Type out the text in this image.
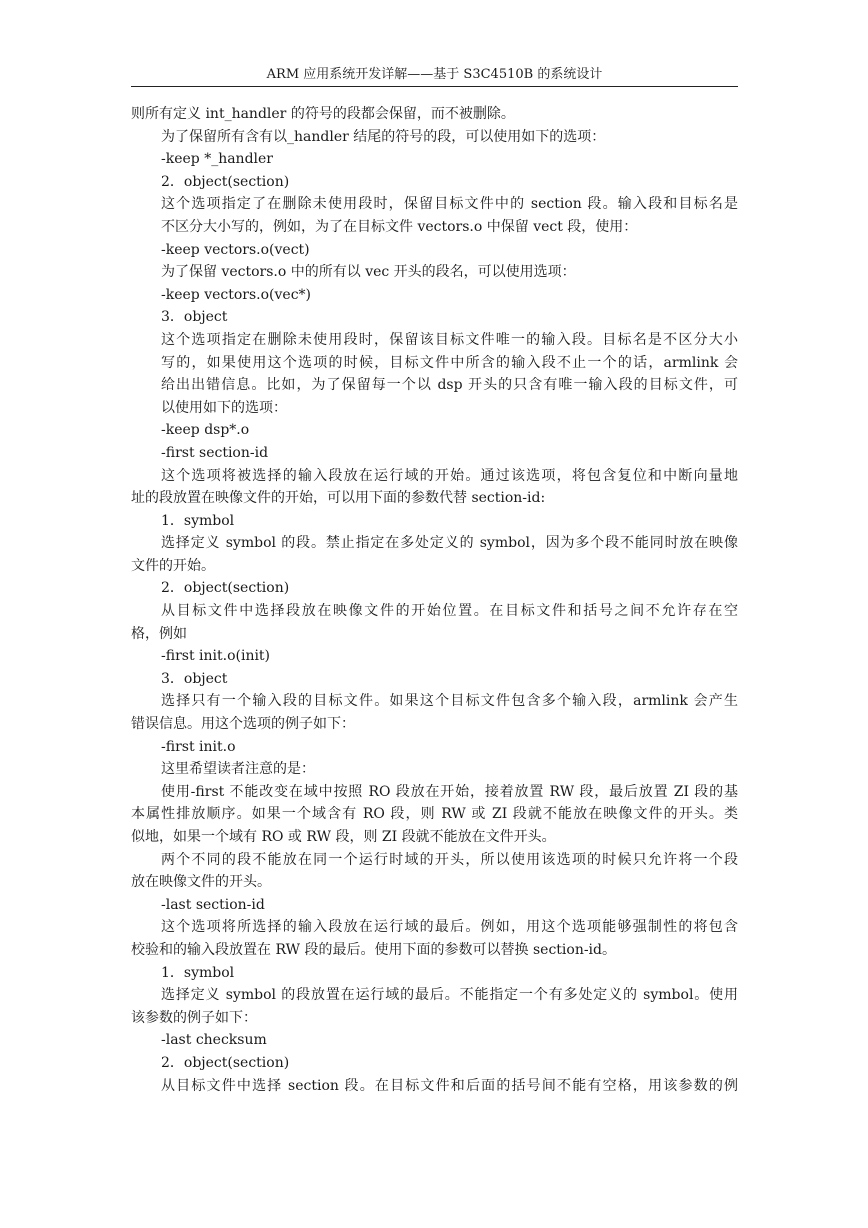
ARM 应用系统开发详解——基于 S3C4510B 的系统设计
则所有定义 int_handler 的符号的段都会保留，而不被删除。
为了保留所有含有以_handler 结尾的符号的段，可以使用如下的选项：
-keep *_handler
2．object(section)
这个选项指定了在删除未使用段时，保留目标文件中的 section 段。输入段和目标名是
不区分大小写的，例如，为了在目标文件 vectors.o 中保留 vect 段，使用：
-keep vectors.o(vect)
为了保留 vectors.o 中的所有以 vec 开头的段名，可以使用选项：
-keep vectors.o(vec*)
3．object
这个选项指定在删除未使用段时，保留该目标文件唯一的输入段。目标名是不区分大小
写的，如果使用这个选项的时候，目标文件中所含的输入段不止一个的话，armlink 会
给出出错信息。比如，为了保留每一个以 dsp 开头的只含有唯一输入段的目标文件，可
以使用如下的选项：
-keep dsp*.o
-first section-id
这个选项将被选择的输入段放在运行域的开始。通过该选项，将包含复位和中断向量地
址的段放置在映像文件的开始，可以用下面的参数代替 section-id:
1．symbol
选择定义 symbol 的段。禁止指定在多处定义的 symbol，因为多个段不能同时放在映像
文件的开始。
2．object(section)
从目标文件中选择段放在映像文件的开始位置。在目标文件和括号之间不允许存在空
格，例如
-first init.o(init)
3．object
选择只有一个输入段的目标文件。如果这个目标文件包含多个输入段，armlink 会产生
错误信息。用这个选项的例子如下：
-first init.o
这里希望读者注意的是：
使用-first 不能改变在域中按照 RO 段放在开始，接着放置 RW 段，最后放置 ZI 段的基
本属性排放顺序。如果一个域含有 RO 段，则 RW 或 ZI 段就不能放在映像文件的开头。类
似地，如果一个域有 RO 或 RW 段，则 ZI 段就不能放在文件开头。
两个不同的段不能放在同一个运行时域的开头，所以使用该选项的时候只允许将一个段
放在映像文件的开头。
-last section-id
这个选项将所选择的输入段放在运行域的最后。例如，用这个选项能够强制性的将包含
校验和的输入段放置在 RW 段的最后。使用下面的参数可以替换 section-id。
1．symbol
选择定义 symbol 的段放置在运行域的最后。不能指定一个有多处定义的 symbol。使用
该参数的例子如下：
-last checksum
2．object(section)
从目标文件中选择 section 段。在目标文件和后面的括号间不能有空格，用该参数的例
